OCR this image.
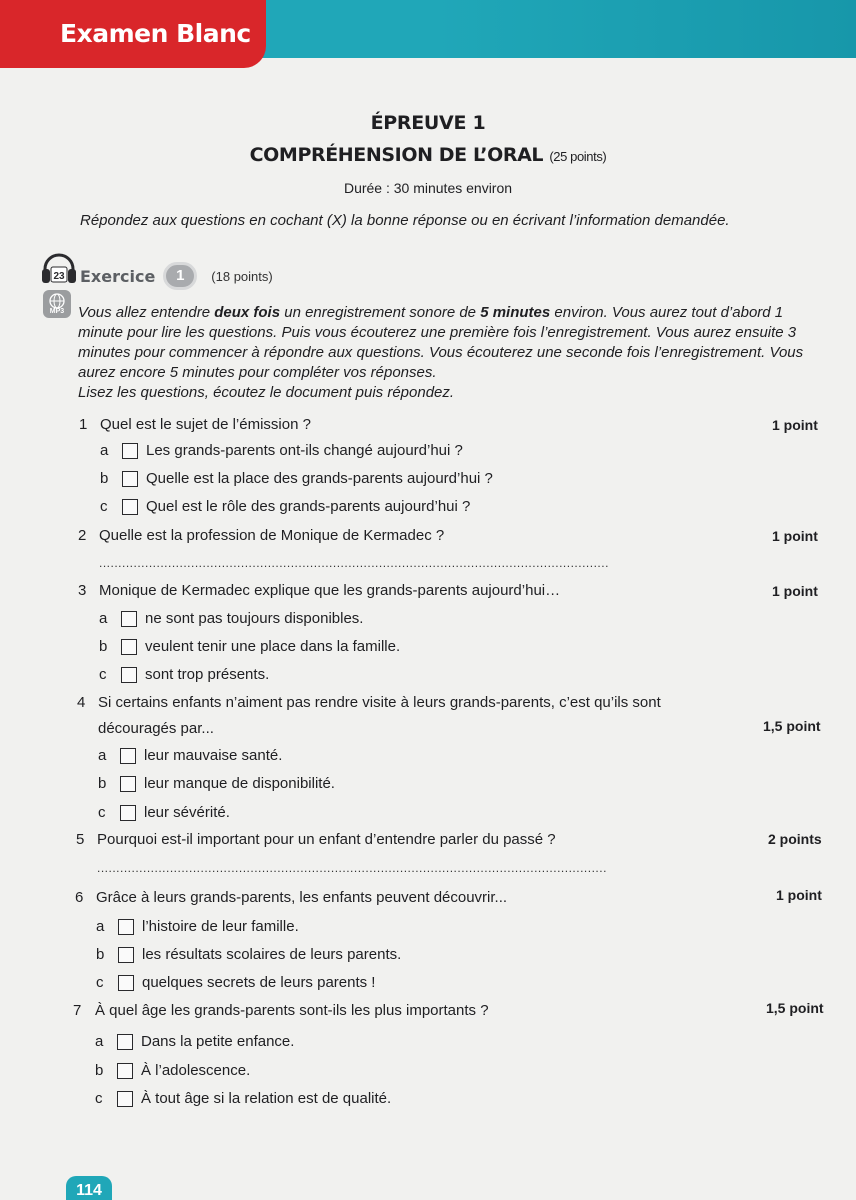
Examen Blanc
ÉPREUVE 1
COMPRÉHENSION DE L’ORAL (25 points)
Durée : 30 minutes environ
Répondez aux questions en cochant (X) la bonne réponse ou en écrivant l’information demandée.
23
MP3
Exercice	1	(18 points)
Vous allez entendre deux fois un enregistrement sonore de 5 minutes environ. Vous aurez tout d’abord 1 minute pour lire les questions. Puis vous écouterez une première fois l’enregistrement. Vous aurez ensuite 3 minutes pour commencer à répondre aux questions. Vous écouterez une seconde fois l’enregistrement. Vous aurez encore 5 minutes pour compléter vos réponses.
Lisez les questions, écoutez le document puis répondez.
1 Quel est le sujet de l’émission ?	1 point
a	Les grands-parents ont-ils changé aujourd’hui ?
b	Quelle est la place des grands-parents aujourd’hui ?
c	Quel est le rôle des grands-parents aujourd’hui ?
2 Quelle est la profession de Monique de Kermadec ?	1 point
.....................................................................................................................................
3 Monique de Kermadec explique que les grands-parents aujourd’hui…	1 point
a	ne sont pas toujours disponibles.
b	veulent tenir une place dans la famille.
c	sont trop présents.
4 Si certains enfants n’aiment pas rendre visite à leurs grands-parents, c’est qu’ils sont
découragés par...	1,5 point
a	leur mauvaise santé.
b	leur manque de disponibilité.
c	leur sévérité.
5 Pourquoi est-il important pour un enfant d’entendre parler du passé ?	2 points
.....................................................................................................................................
6 Grâce à leurs grands-parents, les enfants peuvent découvrir...	1 point
a	l’histoire de leur famille.
b	les résultats scolaires de leurs parents.
c	quelques secrets de leurs parents !
7 À quel âge les grands-parents sont-ils les plus importants ?	1,5 point
a	Dans la petite enfance.
b	À l’adolescence.
c	À tout âge si la relation est de qualité.
114
